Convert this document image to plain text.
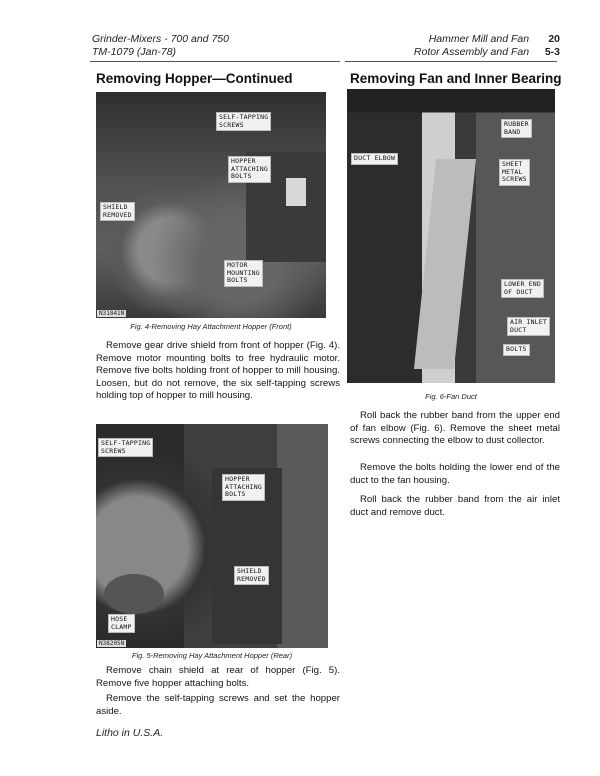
Grinder-Mixers - 700 and 750
TM-1079 (Jan-78)
Hammer Mill and Fan 20
Rotor Assembly and Fan 5-3
Removing Hopper—Continued
SELF-TAPPING
SCREWS
HOPPER
ATTACHING
BOLTS
SHIELD
REMOVED
MOTOR
MOUNTING
BOLTS
N31841N
Fig. 4-Removing Hay Attachment Hopper (Front)

Remove gear drive shield from front of hopper (Fig. 4). Remove motor mounting bolts to free hydraulic motor. Remove five bolts holding front of hopper to mill housing. Loosen, but do not remove, the six self-tapping screws holding top of hopper to mill housing.

SELF-TAPPING
SCREWS
HOPPER
ATTACHING
BOLTS
SHIELD
REMOVED
HOSE
CLAMP
N38205N
Fig. 5-Removing Hay Attachment Hopper (Rear)

Remove chain shield at rear of hopper (Fig. 5). Remove five hopper attaching bolts.

Remove the self-tapping screws and set the hopper aside.

Removing Fan and Inner Bearing
RUBBER
BAND
DUCT ELBOW
SHEET
METAL
SCREWS
LOWER END
OF DUCT
AIR INLET
DUCT
BOLTS
Fig. 6-Fan Duct

Roll back the rubber band from the upper end of fan elbow (Fig. 6). Remove the sheet metal screws connecting the elbow to dust collector.

Remove the bolts holding the lower end of the duct to the fan housing.

Roll back the rubber band from the air inlet duct and remove duct.

Litho in U.S.A.
